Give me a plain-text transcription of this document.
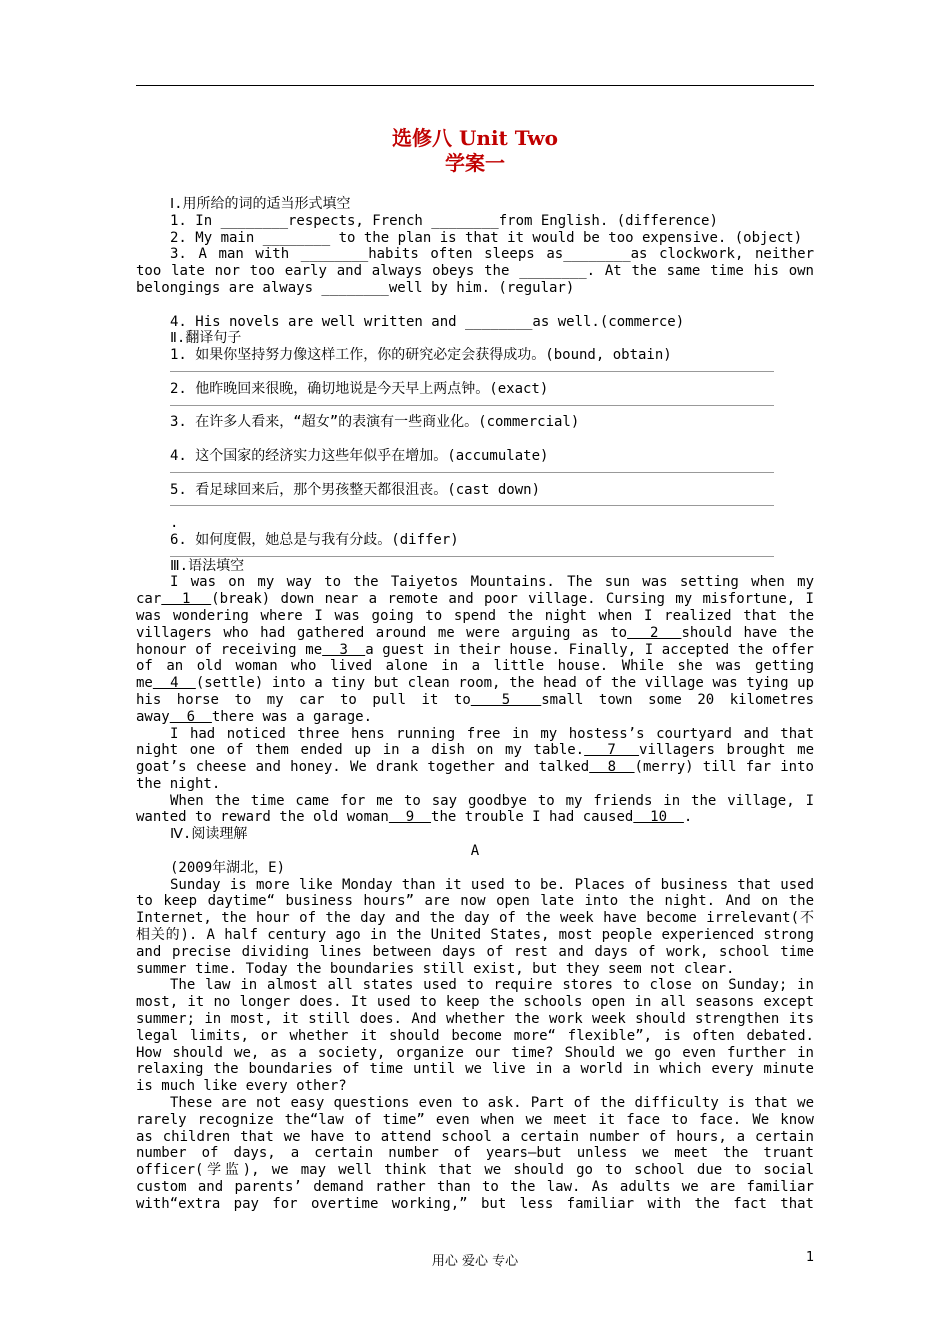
选修八 Unit Two
学案一
Ⅰ.用所给的词的适当形式填空
1. In ________respects, French ________from English. (difference)
2. My main ________ to the plan is that it would be too expensive. (object)
3. A man with ________habits often sleeps as________as clockwork, neither
too late nor too early and always obeys the ________. At the same time his own
belongings are always ________well by him. (regular)
4. His novels are well written and ________as well.(commerce)
Ⅱ.翻译句子
1. 如果你坚持努力像这样工作，你的研究必定会获得成功。(bound, obtain)
2. 他昨晚回来很晚，确切地说是今天早上两点钟。(exact)
3. 在许多人看来，“超女”的表演有一些商业化。(commercial)
4. 这个国家的经济实力这些年似乎在增加。(accumulate)
5. 看足球回来后，那个男孩整天都很沮丧。(cast down)
.
6. 如何度假，她总是与我有分歧。(differ)
Ⅲ.语法填空
I was on my way to the Taiyetos Mountains. The sun was setting when my
car  1  (break) down near a remote and poor village. Cursing my misfortune, I
was wondering where I was going to spend the night when I realized that the
villagers who had gathered around me were arguing as to  2  should have the
honour of receiving me  3  a guest in their house. Finally, I accepted the offer
of an old woman who lived alone in a little house. While she was getting
me  4  (settle) into a tiny but clean room, the head of the village was tying up
his horse to my car to pull it to  5  small town some 20 kilometres
away  6  there was a garage.
I had noticed three hens running free in my hostess’s courtyard and that
night one of them ended up in a dish on my table.  7  villagers brought me
goat’s cheese and honey. We drank together and talked  8  (merry) till far into
the night.
When the time came for me to say goodbye to my friends in the village, I
wanted to reward the old woman  9  the trouble I had caused  10  .
Ⅳ.阅读理解
A
(2009年湖北，E)
Sunday is more like Monday than it used to be. Places of business that used
to keep daytime“ business hours” are now open late into the night. And on the
Internet, the hour of the day and the day of the week have become irrelevant(不
相关的). A half century ago in the United States, most people experienced strong
and precise dividing lines between days of rest and days of work, school time
summer time. Today the boundaries still exist, but they seem not clear.
The law in almost all states used to require stores to close on Sunday; in
most, it no longer does. It used to keep the schools open in all seasons except
summer; in most, it still does. And whether the work week should strengthen its
legal limits, or whether it should become more“ flexible”, is often debated.
How should we, as a society, organize our time? Should we go even further in
relaxing the boundaries of time until we live in a world in which every minute
is much like every other?
These are not easy questions even to ask. Part of the difficulty is that we
rarely recognize the“law of time” even when we meet it face to face. We know
as children that we have to attend school a certain number of hours, a certain
number of days, a certain number of years—but unless we meet the truant
officer(学监), we may well think that we should go to school due to social
custom and parents’ demand rather than to the law. As adults we are familiar
with“extra pay for overtime working,” but less familiar with the fact that
用心 爱心 专心	1
